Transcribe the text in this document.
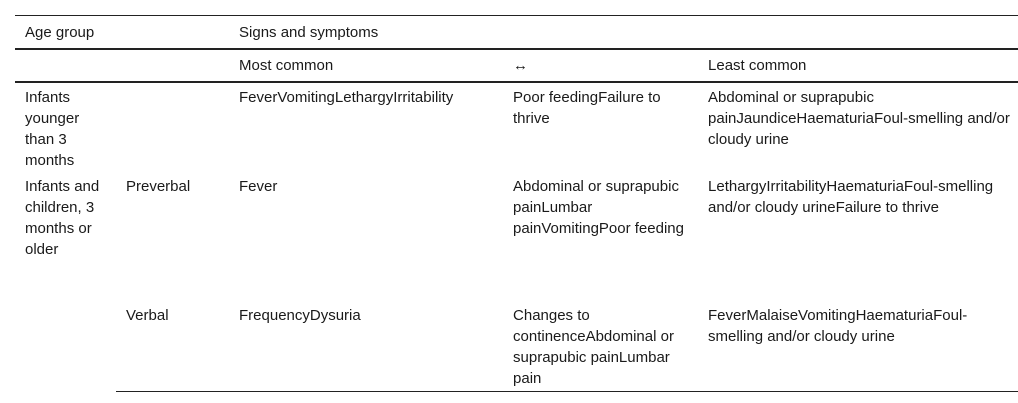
Age group		Signs and symptoms		
		Most common	↔	Least common
Infants younger than 3 months		FeverVomitingLethargyIrritability	Poor feedingFailure to thrive	Abdominal or suprapubic painJaundiceHaematuriaFoul-smelling and/or cloudy urine
Infants and children, 3 months or older	Preverbal	Fever	Abdominal or suprapubic painLumbar painVomitingPoor feeding	LethargyIrritabilityHaematuriaFoul-smelling and/or cloudy urineFailure to thrive
	Verbal	FrequencyDysuria	Changes to continenceAbdominal or suprapubic painLumbar pain	FeverMalaiseVomitingHaematuriaFoul-smelling and/or cloudy urine
